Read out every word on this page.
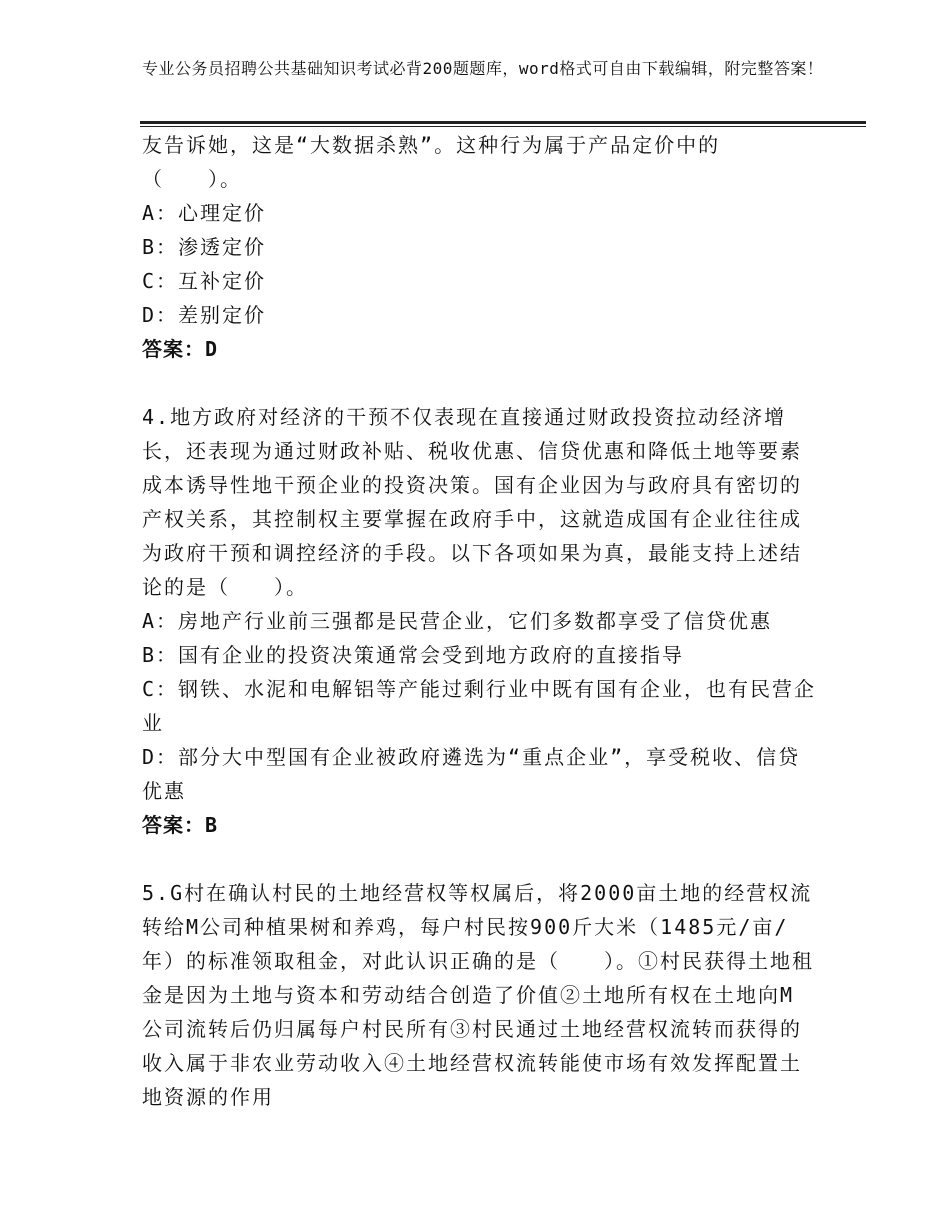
专业公务员招聘公共基础知识考试必背200题题库，word格式可自由下载编辑，附完整答案！
友告诉她，这是“大数据杀熟”。这种行为属于产品定价中的
（　　）。
A：心理定价
B：渗透定价
C：互补定价
D：差别定价
答案：D
4.地方政府对经济的干预不仅表现在直接通过财政投资拉动经济增
长，还表现为通过财政补贴、税收优惠、信贷优惠和降低土地等要素
成本诱导性地干预企业的投资决策。国有企业因为与政府具有密切的
产权关系，其控制权主要掌握在政府手中，这就造成国有企业往往成
为政府干预和调控经济的手段。以下各项如果为真，最能支持上述结
论的是（　　）。
A：房地产行业前三强都是民营企业，它们多数都享受了信贷优惠
B：国有企业的投资决策通常会受到地方政府的直接指导
C：钢铁、水泥和电解铝等产能过剩行业中既有国有企业，也有民营企
业
D：部分大中型国有企业被政府遴选为“重点企业”，享受税收、信贷
优惠
答案：B
5.G村在确认村民的土地经营权等权属后，将2000亩土地的经营权流
转给M公司种植果树和养鸡，每户村民按900斤大米（1485元/亩/
年）的标准领取租金，对此认识正确的是（　　）。①村民获得土地租
金是因为土地与资本和劳动结合创造了价值②土地所有权在土地向M
公司流转后仍归属每户村民所有③村民通过土地经营权流转而获得的
收入属于非农业劳动收入④土地经营权流转能使市场有效发挥配置土
地资源的作用
